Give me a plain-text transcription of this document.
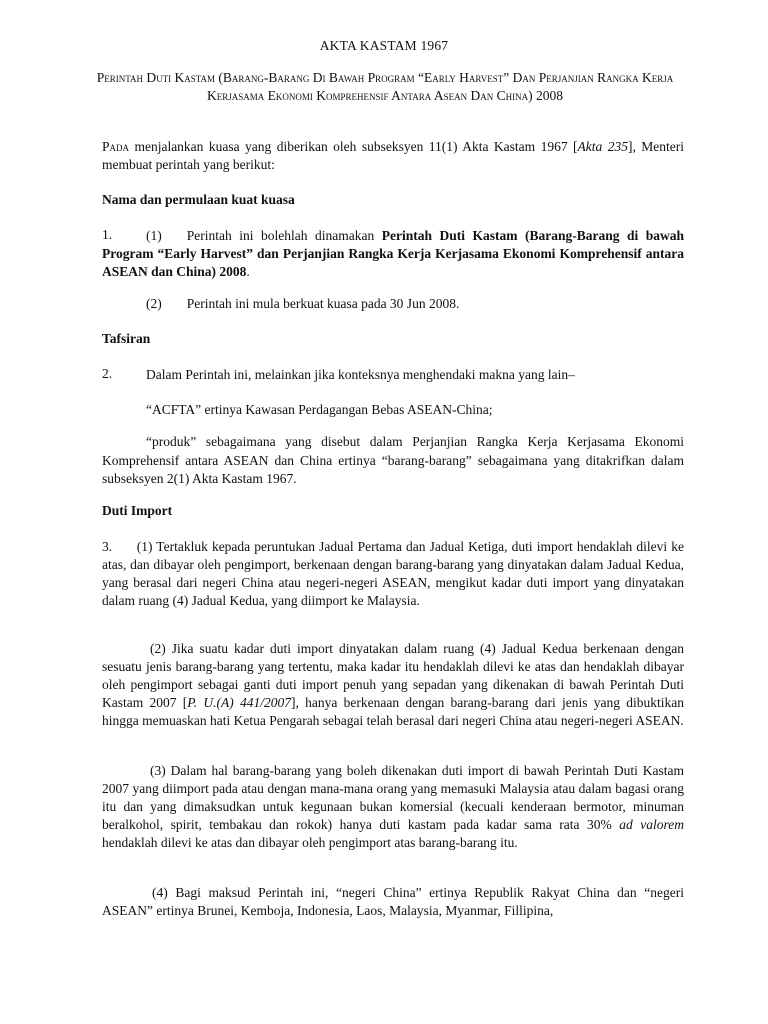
AKTA KASTAM 1967
Perintah Duti Kastam (Barang-Barang Di Bawah Program “Early Harvest” Dan Perjanjian Rangka Kerja Kerjasama Ekonomi Komprehensif Antara Asean Dan China) 2008
Pada menjalankan kuasa yang diberikan oleh subseksyen 11(1) Akta Kastam 1967 [Akta 235], Menteri membuat perintah yang berikut:
Nama dan permulaan kuat kuasa
1.	(1) Perintah ini bolehlah dinamakan Perintah Duti Kastam (Barang-Barang di bawah Program “Early Harvest” dan Perjanjian Rangka Kerja Kerjasama Ekonomi Komprehensif antara ASEAN dan China) 2008.
(2) Perintah ini mula berkuat kuasa pada 30 Jun 2008.
Tafsiran
2.	Dalam Perintah ini, melainkan jika konteksnya menghendaki makna yang lain–
“ACFTA” ertinya Kawasan Perdagangan Bebas ASEAN-China;
“produk” sebagaimana yang disebut dalam Perjanjian Rangka Kerja Kerjasama Ekonomi Komprehensif antara ASEAN dan China ertinya “barang-barang” sebagaimana yang ditakrifkan dalam subseksyen 2(1) Akta Kastam 1967.
Duti Import
3.      (1) Tertakluk kepada peruntukan Jadual Pertama dan Jadual Ketiga, duti import hendaklah dilevi ke atas, dan dibayar oleh pengimport, berkenaan dengan barang-barang yang dinyatakan dalam Jadual Kedua, yang berasal dari negeri China atau negeri-negeri ASEAN, mengikut kadar duti import yang dinyatakan dalam ruang (4) Jadual Kedua, yang diimport ke Malaysia.
(2) Jika suatu kadar duti import dinyatakan dalam ruang (4) Jadual Kedua berkenaan dengan sesuatu jenis barang-barang yang tertentu, maka kadar itu hendaklah dilevi ke atas dan hendaklah dibayar oleh pengimport sebagai ganti duti import penuh yang sepadan yang dikenakan di bawah Perintah Duti Kastam 2007 [P. U.(A) 441/2007], hanya berkenaan dengan barang-barang dari jenis yang dibuktikan hingga memuaskan hati Ketua Pengarah sebagai telah berasal dari negeri China atau negeri-negeri ASEAN.
(3) Dalam hal barang-barang yang boleh dikenakan duti import di bawah Perintah Duti Kastam 2007 yang diimport pada atau dengan mana-mana orang yang memasuki Malaysia atau dalam bagasi orang itu dan yang dimaksudkan untuk kegunaan bukan komersial (kecuali kenderaan bermotor, minuman beralkohol, spirit, tembakau dan rokok) hanya duti kastam pada kadar sama rata 30% ad valorem hendaklah dilevi ke atas dan dibayar oleh pengimport atas barang-barang itu.
(4) Bagi maksud Perintah ini, “negeri China” ertinya Republik Rakyat China dan “negeri ASEAN” ertinya Brunei, Kemboja, Indonesia, Laos, Malaysia, Myanmar, Fillipina,
